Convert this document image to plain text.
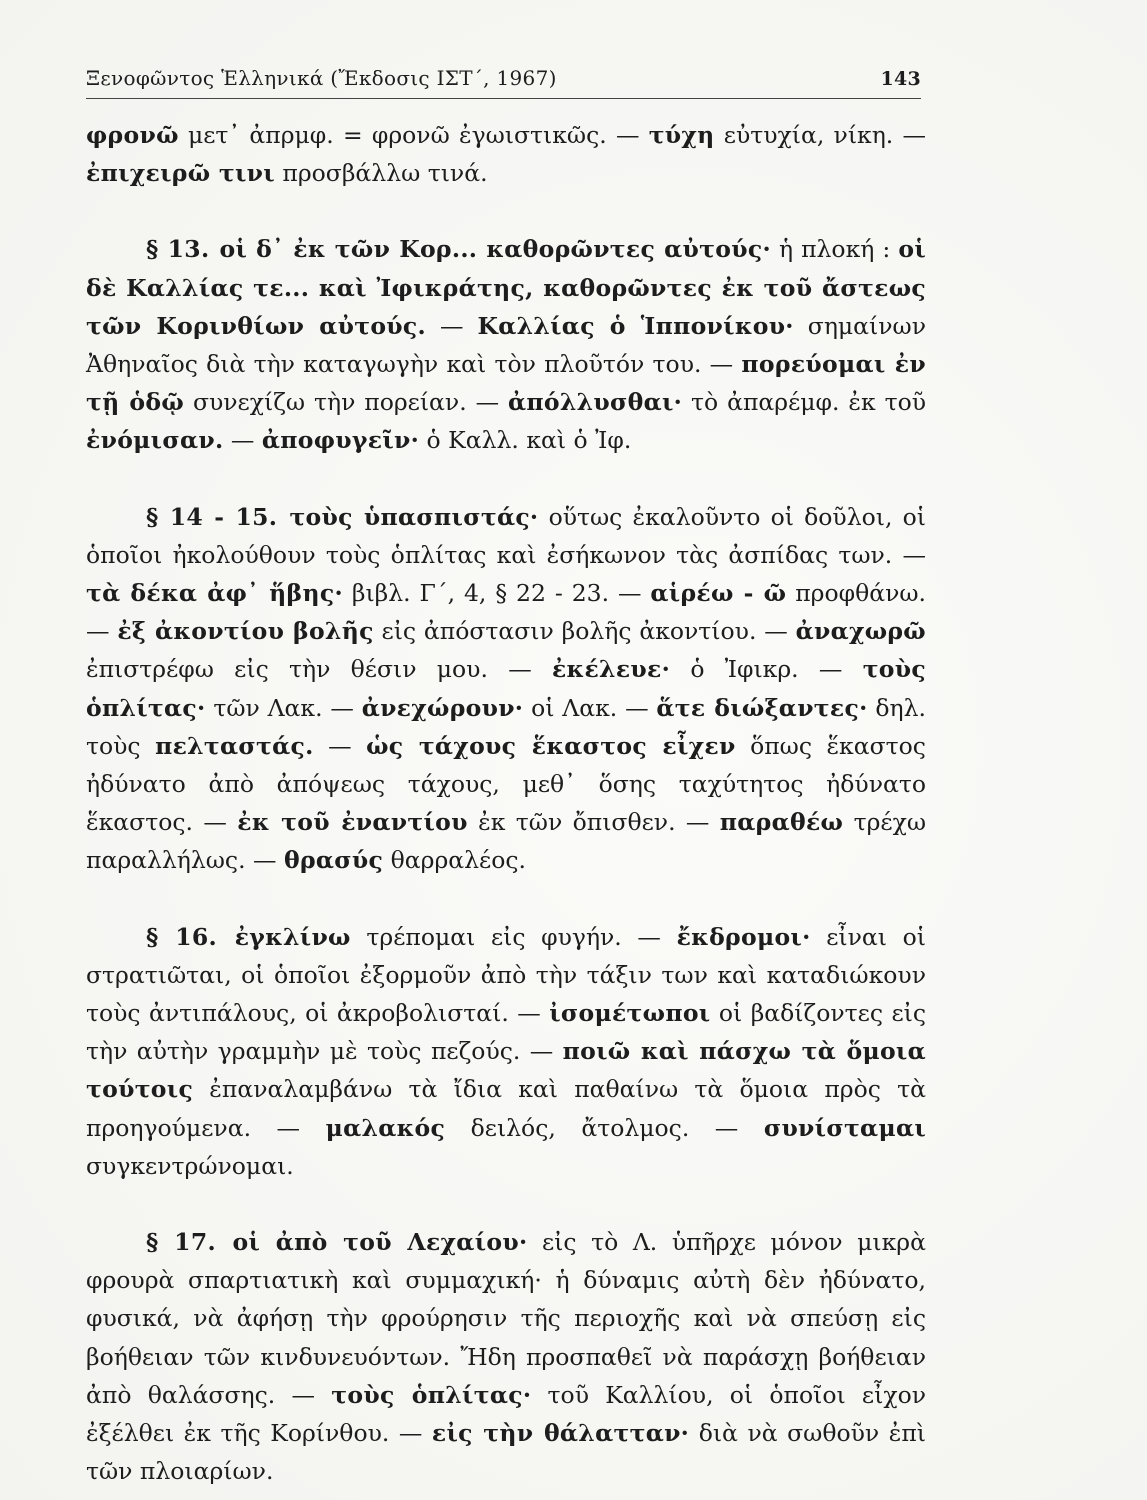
Ξενοφῶντος Ἑλληνικά (Ἔκδοσις ΙΣΤ΄, 1967)	143

φρονῶ μετ᾽ ἀπρμφ. = φρονῶ ἐγωιστικῶς. — τύχη εὐτυχία, νίκη. — ἐπιχειρῶ τινι προσβάλλω τινά.

§ 13. οἱ δ᾽ ἐκ τῶν Κορ... καθορῶντες αὐτούς· ἡ πλοκή : οἱ δὲ Καλλίας τε... καὶ Ἰφικράτης, καθορῶντες ἐκ τοῦ ἄστεως τῶν Κορινθίων αὐτούς. — Καλλίας ὁ Ἱππονίκου· σημαίνων Ἀθηναῖος διὰ τὴν καταγωγὴν καὶ τὸν πλοῦτόν του. — πορεύομαι ἐν τῇ ὁδῷ συνεχίζω τὴν πορείαν. — ἀπόλλυσθαι· τὸ ἀπαρέμφ. ἐκ τοῦ ἐνόμισαν. — ἀποφυγεῖν· ὁ Καλλ. καὶ ὁ Ἰφ.

§ 14 - 15. τοὺς ὑπασπιστάς· οὕτως ἐκαλοῦντο οἱ δοῦλοι, οἱ ὁποῖοι ἠκολούθουν τοὺς ὁπλίτας καὶ ἐσήκωνον τὰς ἀσπίδας των. — τὰ δέκα ἀφ᾽ ἥβης· βιβλ. Γ΄, 4, § 22 - 23. — αἱρέω - ῶ προφθάνω. — ἐξ ἀκοντίου βολῆς εἰς ἀπόστασιν βολῆς ἀκοντίου. — ἀναχωρῶ ἐπιστρέφω εἰς τὴν θέσιν μου. — ἐκέλευε· ὁ Ἰφικρ. — τοὺς ὁπλίτας· τῶν Λακ. — ἀνεχώρουν· οἱ Λακ. — ἅτε διώξαντες· δηλ. τοὺς πελταστάς. — ὡς τάχους ἕκαστος εἶχεν ὅπως ἕκαστος ἠδύνατο ἀπὸ ἀπόψεως τάχους, μεθ᾽ ὅσης ταχύτητος ἠδύνατο ἕκαστος. — ἐκ τοῦ ἐναντίου ἐκ τῶν ὄπισθεν. — παραθέω τρέχω παραλλήλως. — θρασύς θαρραλέος.

§ 16. ἐγκλίνω τρέπομαι εἰς φυγήν. — ἔκδρομοι· εἶναι οἱ στρατιῶται, οἱ ὁποῖοι ἐξορμοῦν ἀπὸ τὴν τάξιν των καὶ καταδιώκουν τοὺς ἀντιπάλους, οἱ ἀκροβολισταί. — ἰσομέτωποι οἱ βαδίζοντες εἰς τὴν αὐτὴν γραμμὴν μὲ τοὺς πεζούς. — ποιῶ καὶ πάσχω τὰ ὅμοια τούτοις ἐπαναλαμβάνω τὰ ἴδια καὶ παθαίνω τὰ ὅμοια πρὸς τὰ προηγούμενα. — μαλακός δειλός, ἄτολμος. — συνίσταμαι συγκεντρώνομαι.

§ 17. οἱ ἀπὸ τοῦ Λεχαίου· εἰς τὸ Λ. ὑπῆρχε μόνον μικρὰ φρουρὰ σπαρτιατικὴ καὶ συμμαχική· ἡ δύναμις αὐτὴ δὲν ἠδύνατο, φυσικά, νὰ ἀφήσῃ τὴν φρούρησιν τῆς περιοχῆς καὶ νὰ σπεύσῃ εἰς βοήθειαν τῶν κινδυνευόντων. Ἤδη προσπαθεῖ νὰ παράσχῃ βοήθειαν ἀπὸ θαλάσσης. — τοὺς ὁπλίτας· τοῦ Καλλίου, οἱ ὁποῖοι εἶχον ἐξέλθει ἐκ τῆς Κορίνθου. — εἰς τὴν θάλατταν· διὰ νὰ σωθοῦν ἐπὶ τῶν πλοιαρίων.
